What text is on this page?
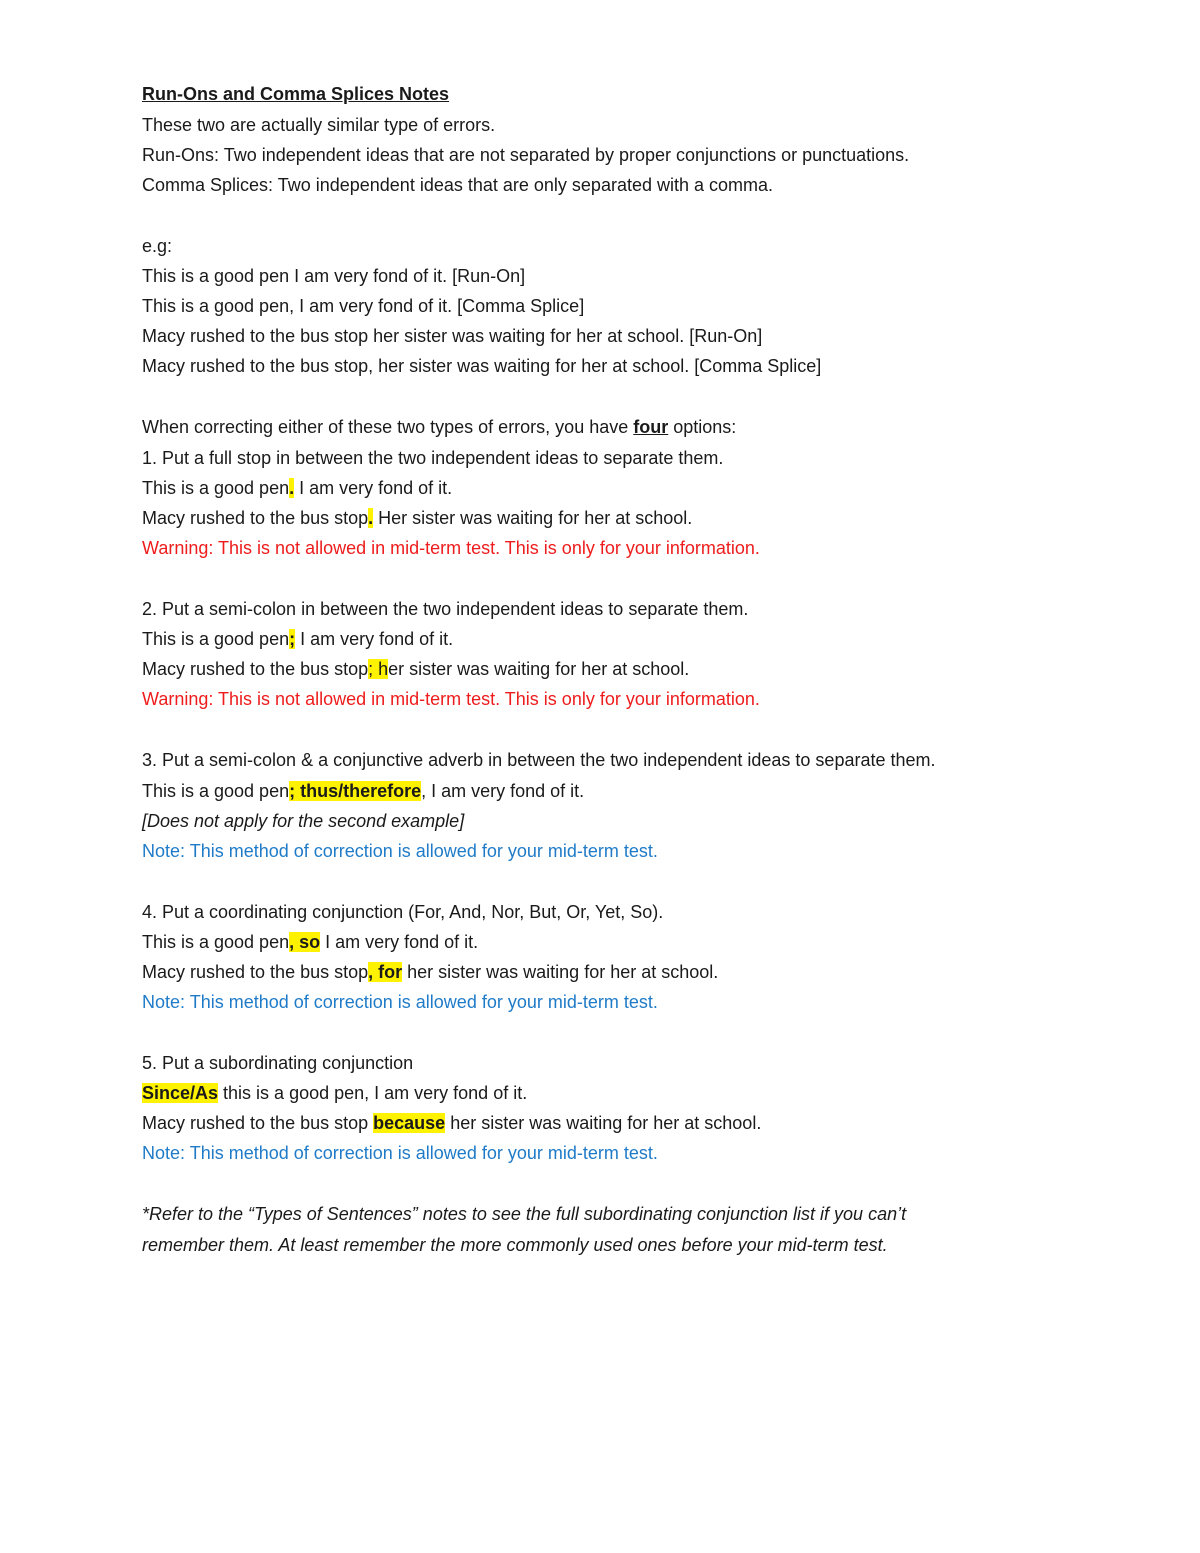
Run-Ons and Comma Splices Notes
These two are actually similar type of errors.
Run-Ons: Two independent ideas that are not separated by proper conjunctions or punctuations.
Comma Splices: Two independent ideas that are only separated with a comma.
e.g:
This is a good pen I am very fond of it. [Run-On]
This is a good pen, I am very fond of it. [Comma Splice]
Macy rushed to the bus stop her sister was waiting for her at school. [Run-On]
Macy rushed to the bus stop, her sister was waiting for her at school. [Comma Splice]
When correcting either of these two types of errors, you have four options:
1. Put a full stop in between the two independent ideas to separate them.
This is a good pen. I am very fond of it.
Macy rushed to the bus stop. Her sister was waiting for her at school.
Warning: This is not allowed in mid-term test. This is only for your information.
2. Put a semi-colon in between the two independent ideas to separate them.
This is a good pen; I am very fond of it.
Macy rushed to the bus stop; her sister was waiting for her at school.
Warning: This is not allowed in mid-term test. This is only for your information.
3. Put a semi-colon & a conjunctive adverb in between the two independent ideas to separate them.
This is a good pen; thus/therefore, I am very fond of it.
[Does not apply for the second example]
Note: This method of correction is allowed for your mid-term test.
4. Put a coordinating conjunction (For, And, Nor, But, Or, Yet, So).
This is a good pen, so I am very fond of it.
Macy rushed to the bus stop, for her sister was waiting for her at school.
Note: This method of correction is allowed for your mid-term test.
5. Put a subordinating conjunction
Since/As this is a good pen, I am very fond of it.
Macy rushed to the bus stop because her sister was waiting for her at school.
Note: This method of correction is allowed for your mid-term test.
*Refer to the “Types of Sentences” notes to see the full subordinating conjunction list if you can’t
remember them. At least remember the more commonly used ones before your mid-term test.
